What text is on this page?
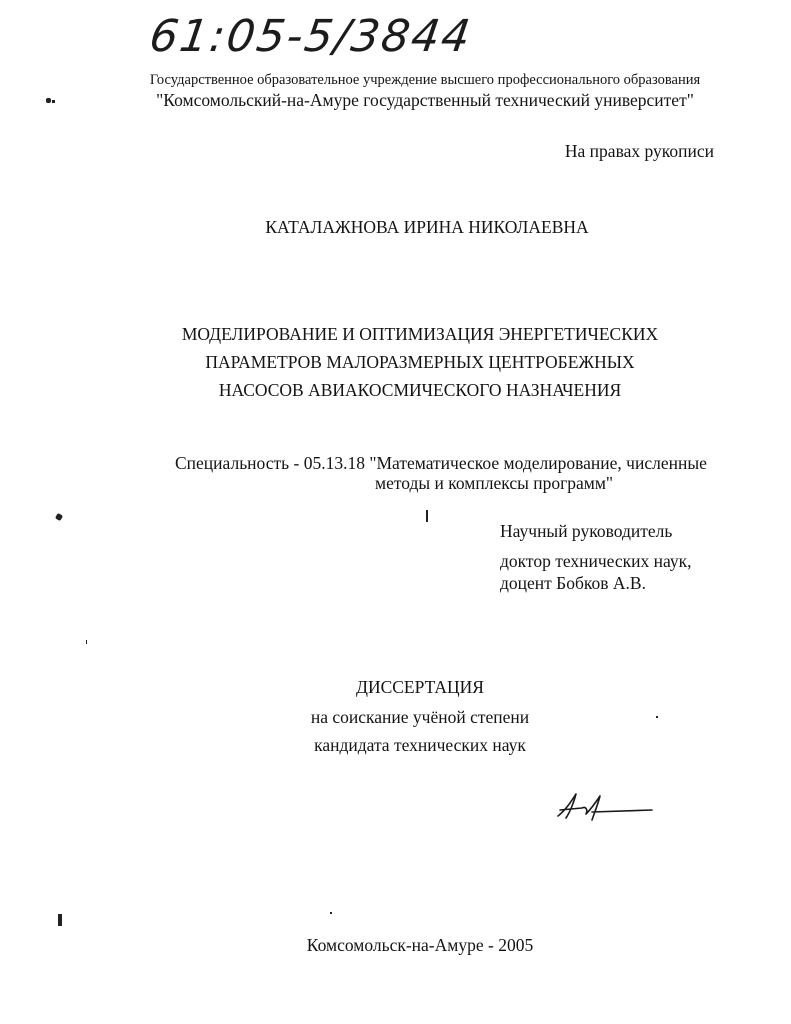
61:05-5/3844
Государственное образовательное учреждение высшего профессионального образования
"Комсомольский-на-Амуре государственный технический университет"
На правах рукописи
КАТАЛАЖНОВА ИРИНА НИКОЛАЕВНА
МОДЕЛИРОВАНИЕ И ОПТИМИЗАЦИЯ ЭНЕРГЕТИЧЕСКИХ
ПАРАМЕТРОВ МАЛОРАЗМЕРНЫХ ЦЕНТРОБЕЖНЫХ
НАСОСОВ АВИАКОСМИЧЕСКОГО НАЗНАЧЕНИЯ
Специальность - 05.13.18 "Математическое моделирование, численные
методы и комплексы программ"
Научный руководитель
доктор технических наук,
доцент Бобков А.В.
ДИССЕРТАЦИЯ
на соискание учёной степени
кандидата технических наук
Комсомольск-на-Амуре - 2005
